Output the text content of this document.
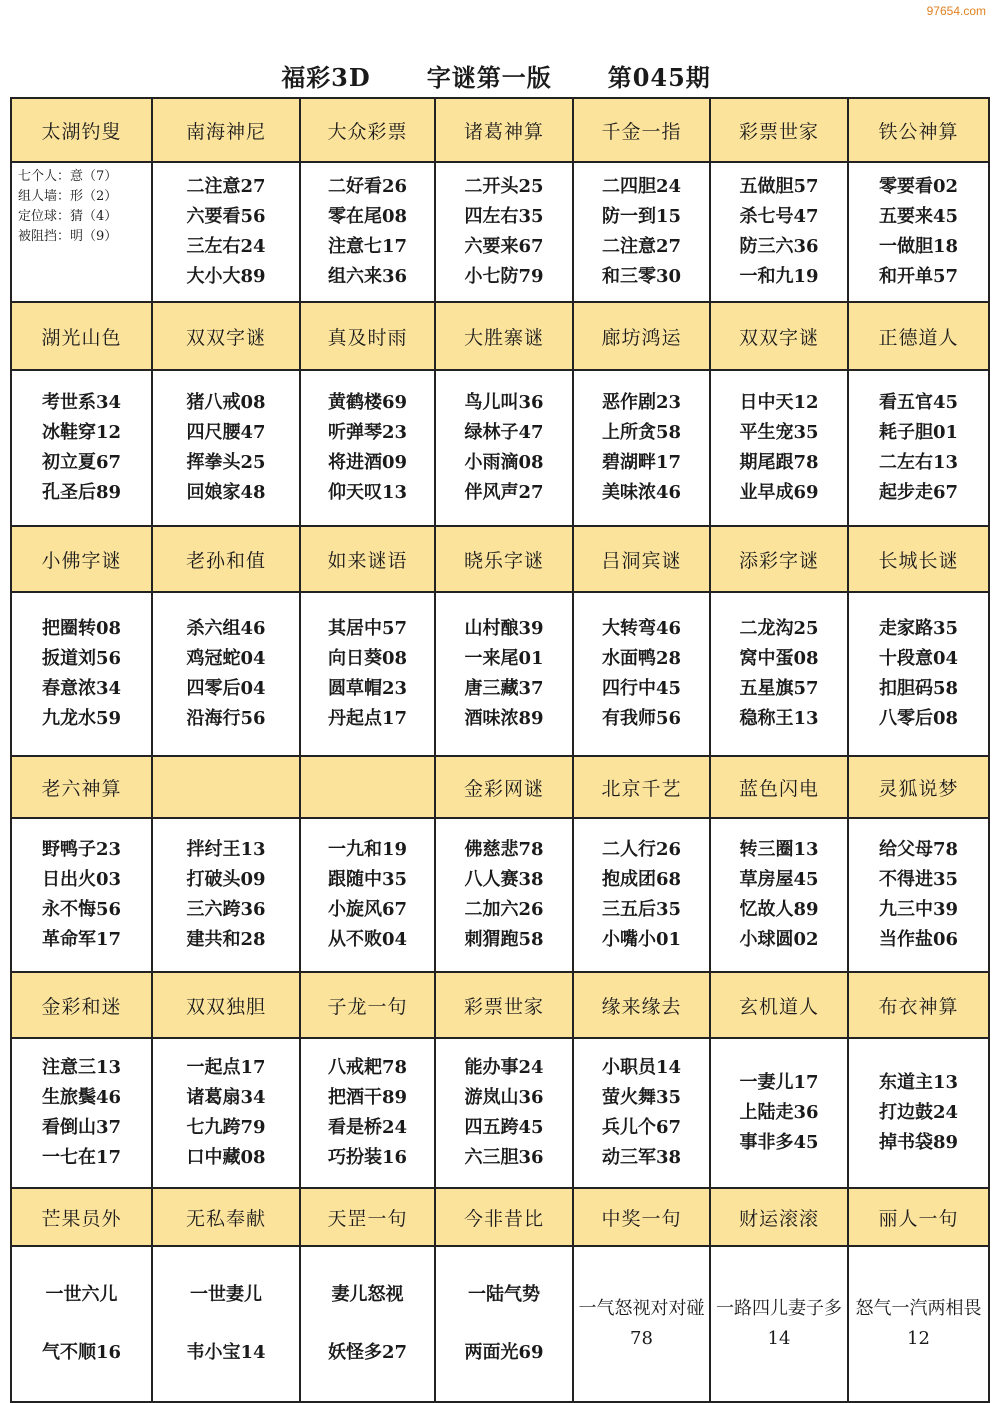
97654.com
福彩3D 字谜第一版 第045期
太湖钓叟	南海神尼	大众彩票	诸葛神算	千金一指	彩票世家	铁公神算

七个人：意（7）
组人墙：形（2）
定位球：猜（4）
被阻挡：明（9）	二注意27
六要看56
三左右24
大小大89	二好看26
零在尾08
注意七17
组六来36	二开头25
四左右35
六要来67
小七防79	二四胆24
防一到15
二注意27
和三零30	五做胆57
杀七号47
防三六36
一和九19	零要看02
五要来45
一做胆18
和开单57

湖光山色	双双字谜	真及时雨	大胜寨谜	廊坊鸿运	双双字谜	正德道人

考世系34
冰鞋穿12
初立夏67
孔圣后89	猪八戒08
四尺腰47
挥拳头25
回娘家48	黄鹤楼69
听弹琴23
将进酒09
仰天叹13	鸟儿叫36
绿林子47
小雨滴08
伴风声27	恶作剧23
上所贪58
碧湖畔17
美味浓46	日中天12
平生宠35
期尾跟78
业早成69	看五官45
耗子胆01
二左右13
起步走67

小佛字谜	老孙和值	如来谜语	晓乐字谜	吕洞宾谜	添彩字谜	长城长谜

把圈转08
扳道刘56
春意浓34
九龙水59	杀六组46
鸡冠蛇04
四零后04
沿海行56	其居中57
向日葵08
圆草帽23
丹起点17	山村酿39
一来尾01
唐三藏37
酒味浓89	大转弯46
水面鸭28
四行中45
有我师56	二龙沟25
窝中蛋08
五星旗57
稳称王13	走家路35
十段意04
扣胆码58
八零后08

老六神算			金彩网谜	北京千艺	蓝色闪电	灵狐说梦

野鸭子23
日出火03
永不悔56
革命军17	拌纣王13
打破头09
三六跨36
建共和28	一九和19
跟随中35
小旋风67
从不败04	佛慈悲78
八人赛38
二加六26
刺猬跑58	二人行26
抱成团68
三五后35
小嘴小01	转三圈13
草房屋45
忆故人89
小球圆02	给父母78
不得进35
九三中39
当作盐06

金彩和迷	双双独胆	子龙一句	彩票世家	缘来缘去	玄机道人	布衣神算

注意三13
生旅鬓46
看倒山37
一七在17	一起点17
诸葛扇34
七九跨79
口中藏08	八戒耙78
把酒干89
看是桥24
巧扮装16	能办事24
游岚山36
四五跨45
六三胆36	小职员14
萤火舞35
兵儿个67
动三军38	一妻儿17
上陆走36
事非多45	东道主13
打边鼓24
掉书袋89

芒果员外	无私奉献	天罡一句	今非昔比	中奖一句	财运滚滚	丽人一句

一世六儿
气不顺16	一世妻儿
韦小宝14	妻儿怒视
妖怪多27	一陆气势
两面光69	一气怒视对对碰78	一路四儿妻子多14	怒气一汽两相畏12
